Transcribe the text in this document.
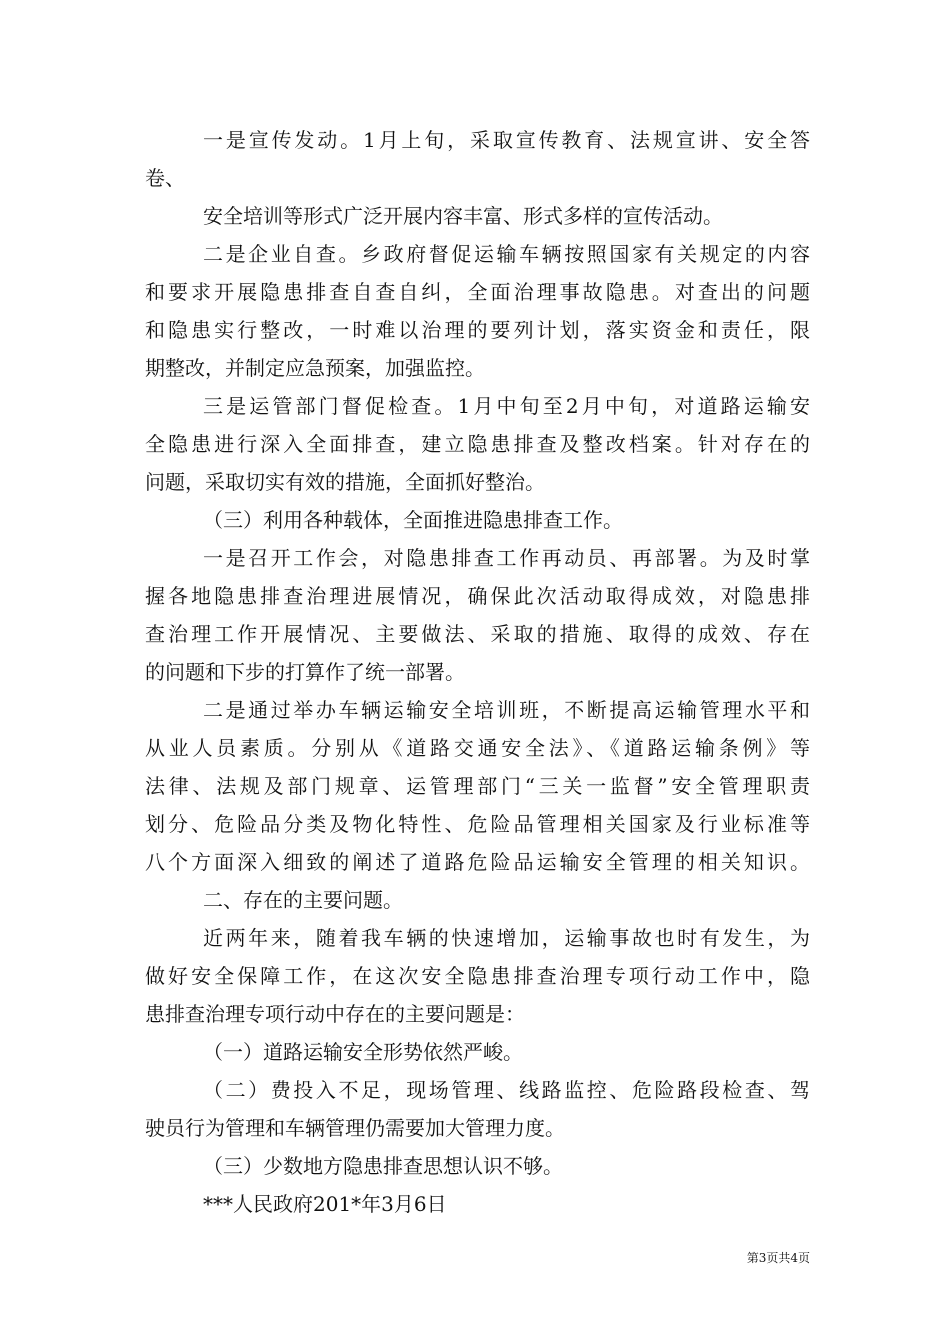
一是宣传发动。1月上旬，采取宣传教育、法规宣讲、安全答
卷、
安全培训等形式广泛开展内容丰富、形式多样的宣传活动。
二是企业自查。乡政府督促运输车辆按照国家有关规定的内容
和要求开展隐患排查自查自纠，全面治理事故隐患。对查出的问题
和隐患实行整改，一时难以治理的要列计划，落实资金和责任，限
期整改，并制定应急预案，加强监控。
三是运管部门督促检查。1月中旬至2月中旬，对道路运输安
全隐患进行深入全面排查，建立隐患排查及整改档案。针对存在的
问题，采取切实有效的措施，全面抓好整治。
（三）利用各种载体，全面推进隐患排查工作。
一是召开工作会，对隐患排查工作再动员、再部署。为及时掌
握各地隐患排查治理进展情况，确保此次活动取得成效，对隐患排
查治理工作开展情况、主要做法、采取的措施、取得的成效、存在
的问题和下步的打算作了统一部署。
二是通过举办车辆运输安全培训班，不断提高运输管理水平和
从业人员素质。分别从《道路交通安全法》、《道路运输条例》等
法律、法规及部门规章、运管理部门“三关一监督”安全管理职责
划分、危险品分类及物化特性、危险品管理相关国家及行业标准等
八个方面深入细致的阐述了道路危险品运输安全管理的相关知识。
二、存在的主要问题。
近两年来，随着我车辆的快速增加，运输事故也时有发生，为
做好安全保障工作，在这次安全隐患排查治理专项行动工作中，隐
患排查治理专项行动中存在的主要问题是：
（一）道路运输安全形势依然严峻。
（二）费投入不足，现场管理、线路监控、危险路段检查、驾
驶员行为管理和车辆管理仍需要加大管理力度。
（三）少数地方隐患排查思想认识不够。
***人民政府201*年3月6日
第3页共4页
